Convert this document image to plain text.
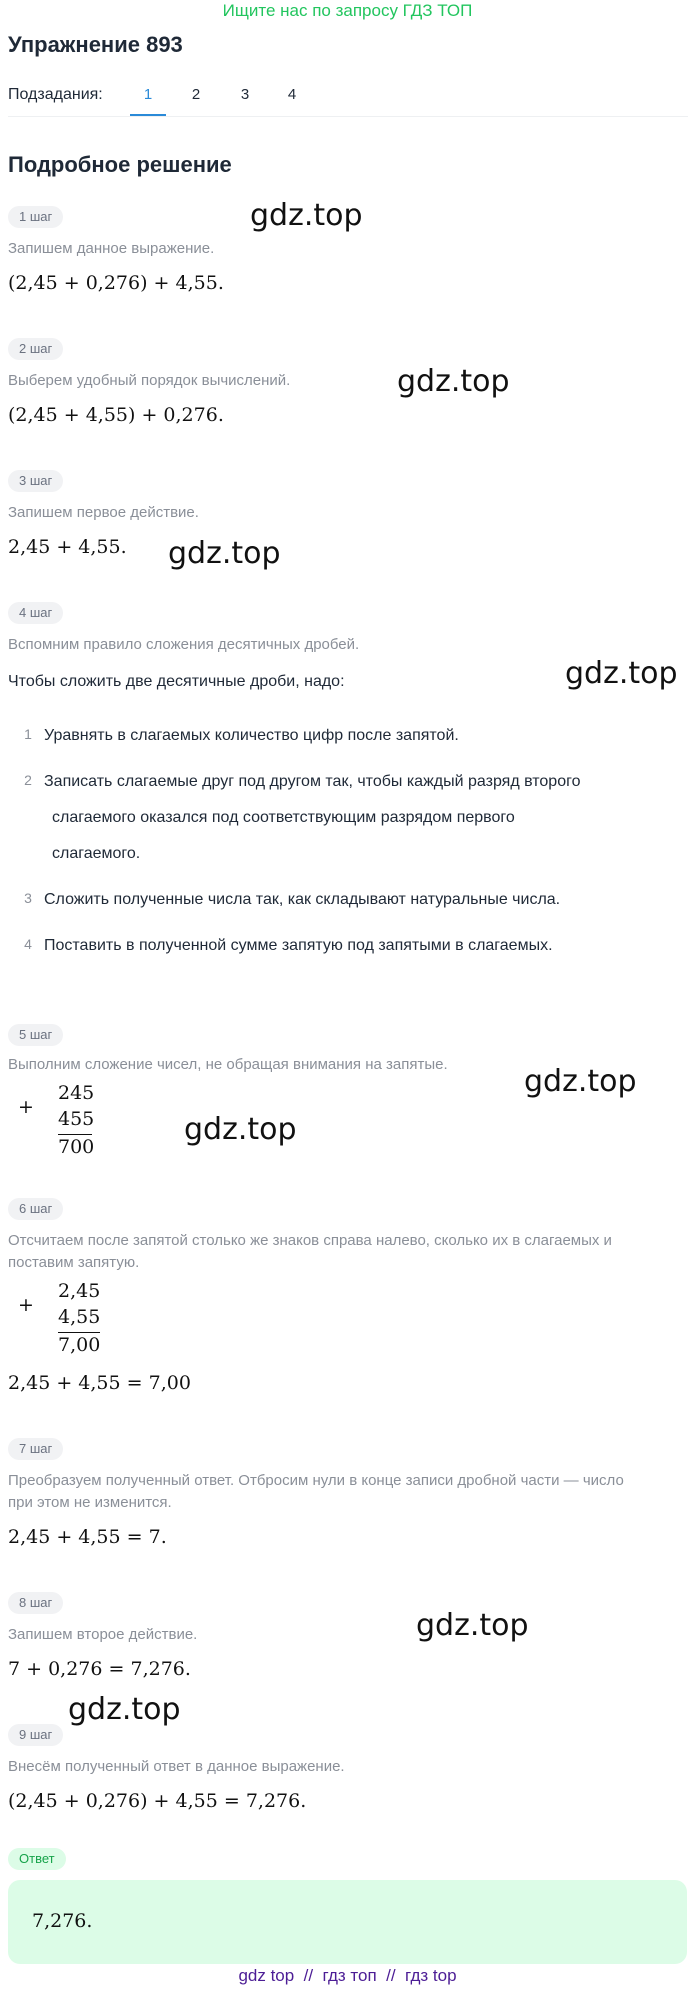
Ищите нас по запросу ГДЗ ТОП
Упражнение 893
Подзадания:	1	2	3	4
Подробное решение
1 шаг
Запишем данное выражение.
(2,45 + 0,276) + 4,55.
2 шаг
Выберем удобный порядок вычислений.
(2,45 + 4,55) + 0,276.
3 шаг
Запишем первое действие.
2,45 + 4,55.
4 шаг
Вспомним правило сложения десятичных дробей.
Чтобы сложить две десятичные дроби, надо:
1 Уравнять в слагаемых количество цифр после запятой.
2 Записать слагаемые друг под другом так, чтобы каждый разряд второго
слагаемого оказался под соответствующим разрядом первого
слагаемого.
3 Сложить полученные числа так, как складывают натуральные числа.
4 Поставить в полученной сумме запятую под запятыми в слагаемых.
5 шаг
Выполним сложение чисел, не обращая внимания на запятые.
+
245
455
700
6 шаг
Отсчитаем после запятой столько же знаков справа налево, сколько их в слагаемых и
поставим запятую.
+
2,45
4,55
7,00
2,45 + 4,55 = 7,00
7 шаг
Преобразуем полученный ответ. Отбросим нули в конце записи дробной части — число
при этом не изменится.
2,45 + 4,55 = 7.
8 шаг
Запишем второе действие.
7 + 0,276 = 7,276.
9 шаг
Внесём полученный ответ в данное выражение.
(2,45 + 0,276) + 4,55 = 7,276.
Ответ
7,276.
gdz.top
gdz.top
gdz.top
gdz.top
gdz.top
gdz.top
gdz.top
gdz.top
gdz top  //  гдз топ  //  гдз top
